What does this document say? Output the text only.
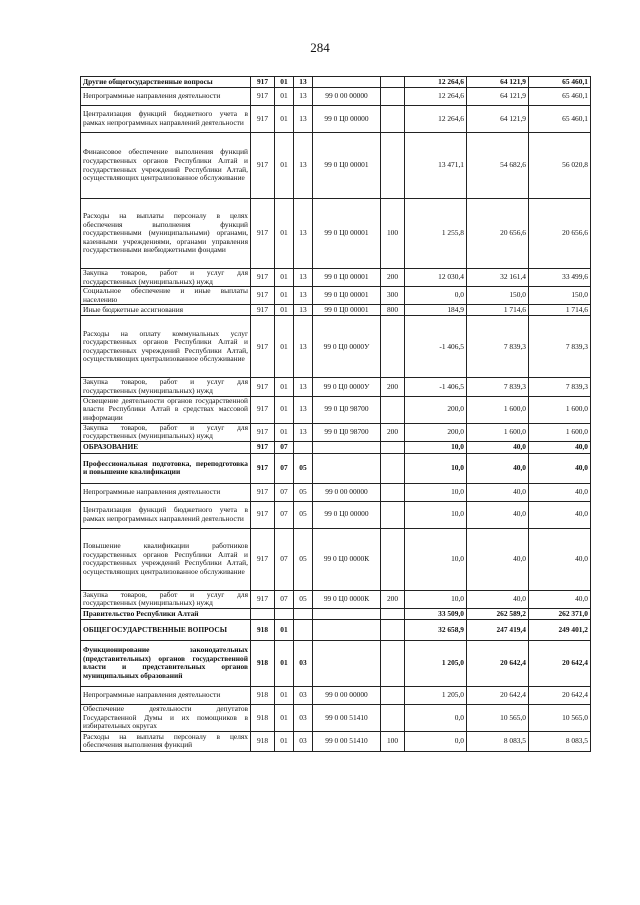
284
Другие общегосударственные вопросы	917	01	13			12 264,6	64 121,9	65 460,1
Непрограммные направления деятельности	917	01	13	99 0 00 00000		12 264,6	64 121,9	65 460,1
Централизация функций бюджетного учета в рамках непрограммных направлений деятельности	917	01	13	99 0 Ц0 00000		12 264,6	64 121,9	65 460,1
Финансовое обеспечение выполнения функций государственных органов Республики Алтай и государственных учреждений Республики Алтай, осуществляющих централизованное обслуживание	917	01	13	99 0 Ц0 00001		13 471,1	54 682,6	56 020,8
Расходы на выплаты персоналу в целях обеспечения выполнения функций государственными (муниципальными) органами, казенными учреждениями, органами управления государственными внебюджетными фондами	917	01	13	99 0 Ц0 00001	100	1 255,8	20 656,6	20 656,6
Закупка товаров, работ и услуг для государственных (муниципальных) нужд	917	01	13	99 0 Ц0 00001	200	12 030,4	32 161,4	33 499,6
Социальное обеспечение и иные выплаты населению	917	01	13	99 0 Ц0 00001	300	0,0	150,0	150,0
Иные бюджетные ассигнования	917	01	13	99 0 Ц0 00001	800	184,9	1 714,6	1 714,6
Расходы на оплату коммунальных услуг государственных органов Республики Алтай и государственных учреждений Республики Алтай, осуществляющих централизованное обслуживание	917	01	13	99 0 Ц0 0000У		-1 406,5	7 839,3	7 839,3
Закупка товаров, работ и услуг для государственных (муниципальных) нужд	917	01	13	99 0 Ц0 0000У	200	-1 406,5	7 839,3	7 839,3
Освещение деятельности органов государственной власти Республики Алтай в средствах массовой информации	917	01	13	99 0 Ц0 98700		200,0	1 600,0	1 600,0
Закупка товаров, работ и услуг для государственных (муниципальных) нужд	917	01	13	99 0 Ц0 98700	200	200,0	1 600,0	1 600,0
ОБРАЗОВАНИЕ	917	07				10,0	40,0	40,0
Профессиональная подготовка, переподготовка и повышение квалификации	917	07	05			10,0	40,0	40,0
Непрограммные направления деятельности	917	07	05	99 0 00 00000		10,0	40,0	40,0
Централизация функций бюджетного учета в рамках непрограммных направлений деятельности	917	07	05	99 0 Ц0 00000		10,0	40,0	40,0
Повышение квалификации работников государственных органов Республики Алтай и государственных учреждений Республики Алтай, осуществляющих централизованное обслуживание	917	07	05	99 0 Ц0 0000К		10,0	40,0	40,0
Закупка товаров, работ и услуг для государственных (муниципальных) нужд	917	07	05	99 0 Ц0 0000К	200	10,0	40,0	40,0
Правительство Республики Алтай						33 509,0	262 589,2	262 371,0
ОБЩЕГОСУДАРСТВЕННЫЕ ВОПРОСЫ	918	01				32 658,9	247 419,4	249 401,2
Функционирование законодательных (представительных) органов государственной власти и представительных органов муниципальных образований	918	01	03			1 205,0	20 642,4	20 642,4
Непрограммные направления деятельности	918	01	03	99 0 00 00000		1 205,0	20 642,4	20 642,4
Обеспечение деятельности депутатов Государственной Думы и их помощников в избирательных округах	918	01	03	99 0 00 51410		0,0	10 565,0	10 565,0
Расходы на выплаты персоналу в целях обеспечения выполнения функций	918	01	03	99 0 00 51410	100	0,0	8 083,5	8 083,5
